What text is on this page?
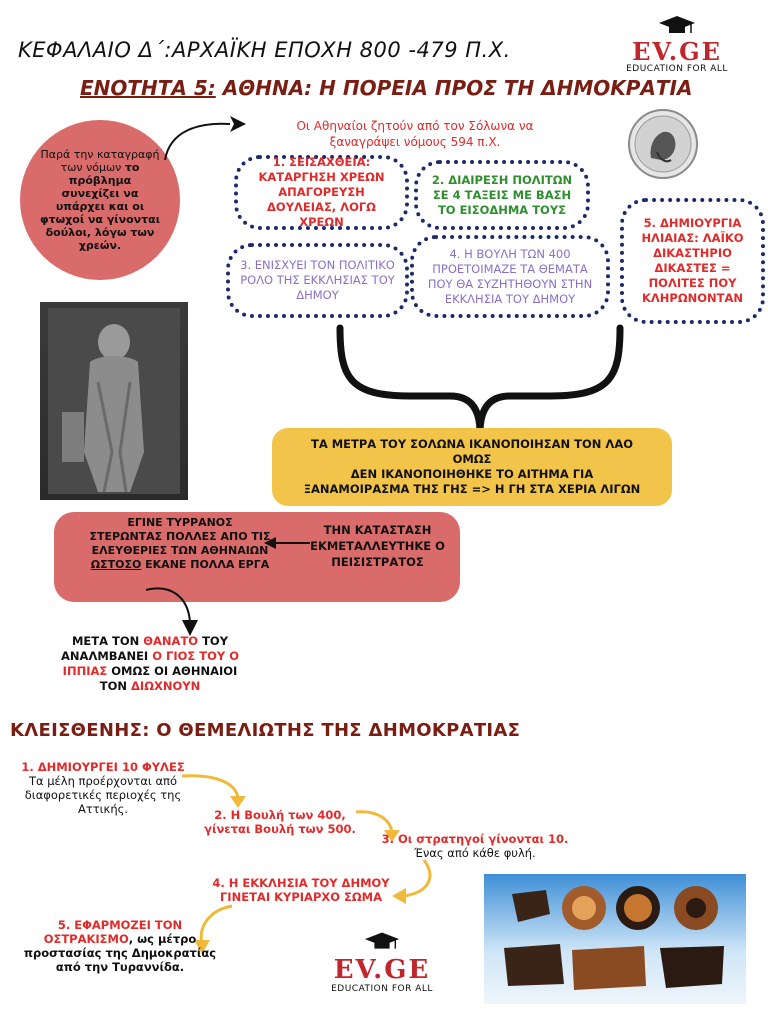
ΚΕΦΑΛΑΙΟ Δ΄:ΑΡΧΑΪΚΗ ΕΠΟΧΗ 800 -479 Π.Χ.
ΕΝΟΤΗΤΑ 5: ΑΘΗΝΑ: Η ΠΟΡΕΙΑ ΠΡΟΣ ΤΗ ΔΗΜΟΚΡΑΤΙΑ
EV.GE
EDUCATION FOR ALL
Παρά την καταγραφή των νόμων το πρόβλημα συνεχίζει να υπάρχει και οι φτωχοί να γίνονται δούλοι, λόγω των χρεών.
Οι Αθηναίοι ζητούν από τον Σόλωνα να ξαναγράψει νόμους 594 π.Χ.
1. ΣΕΙΣΑΧΘΕΙΑ: ΚΑΤΑΡΓΗΣΗ ΧΡΕΩΝ ΑΠΑΓΟΡΕΥΣΗ ΔΟΥΛΕΙΑΣ, ΛΟΓΩ ΧΡΕΩΝ
2. ΔΙΑΙΡΕΣΗ ΠΟΛΙΤΩΝ ΣΕ 4 ΤΑΞΕΙΣ ΜΕ ΒΑΣΗ ΤΟ ΕΙΣΟΔΗΜΑ ΤΟΥΣ
3. ΕΝΙΣΧΥΕΙ ΤΟΝ ΠΟΛΙΤΙΚΟ ΡΟΛΟ ΤΗΣ ΕΚΚΛΗΣΙΑΣ ΤΟΥ ΔΗΜΟΥ
4. Η ΒΟΥΛΗ ΤΩΝ 400 ΠΡΟΕΤΟΙΜΑΖΕ ΤΑ ΘΕΜΑΤΑ ΠΟΥ ΘΑ ΣΥΖΗΤΗΘΟΥΝ ΣΤΗΝ ΕΚΚΛΗΣΙΑ ΤΟΥ ΔΗΜΟΥ
5. ΔΗΜΙΟΥΡΓΙΑ ΗΛΙΑΙΑΣ: ΛΑΪΚΟ ΔΙΚΑΣΤΗΡΙΟ ΔΙΚΑΣΤΕΣ = ΠΟΛΙΤΕΣ ΠΟΥ ΚΛΗΡΩΝΟΝΤΑΝ
ΤΑ ΜΕΤΡΑ ΤΟΥ ΣΟΛΩΝΑ ΙΚΑΝΟΠΟΙΗΣΑΝ ΤΟΝ ΛΑΟ
ΟΜΩΣ
ΔΕΝ ΙΚΑΝΟΠΟΙΗΘΗΚΕ ΤΟ ΑΙΤΗΜΑ ΓΙΑ
ΞΑΝΑΜΟΙΡΑΣΜΑ ΤΗΣ ΓΗΣ => Η ΓΗ ΣΤΑ ΧΕΡΙΑ ΛΙΓΩΝ
ΕΓΙΝΕ ΤΥΡΡΑΝΟΣ
ΣΤΕΡΩΝΤΑΣ ΠΟΛΛΕΣ ΑΠΟ ΤΙΣ ΕΛΕΥΘΕΡΙΕΣ ΤΩΝ ΑΘΗΝΑΙΩΝ
ΩΣΤΟΣΟ ΕΚΑΝΕ ΠΟΛΛΑ ΕΡΓΑ
ΤΗΝ ΚΑΤΑΣΤΑΣΗ ΕΚΜΕΤΑΛΛΕΥΤΗΚΕ Ο ΠΕΙΣΙΣΤΡΑΤΟΣ
ΜΕΤΑ ΤΟΝ ΘΑΝΑΤΟ ΤΟΥ ΑΝΑΛΜΒΑΝΕΙ Ο ΓΙΟΣ ΤΟΥ Ο ΙΠΠΙΑΣ ΟΜΩΣ ΟΙ ΑΘΗΝΑΙΟΙ ΤΟΝ ΔΙΩΧΝΟΥΝ
ΚΛΕΙΣΘΕΝΗΣ: Ο ΘΕΜΕΛΙΩΤΗΣ ΤΗΣ ΔΗΜΟΚΡΑΤΙΑΣ
1. ΔΗΜΙΟΥΡΓΕΙ 10 ΦΥΛΕΣ
Τα μέλη προέρχονται από διαφορετικές περιοχές της Αττικής.	2. Η Βουλή των 400,
γίνεται Βουλή των 500.
3. Οι στρατηγοί γίνονται 10.
Ένας από κάθε φυλή.
4. Η ΕΚΚΛΗΣΙΑ ΤΟΥ ΔΗΜΟΥ
ΓΙΝΕΤΑΙ ΚΥΡΙΑΡΧΟ ΣΩΜΑ
5. ΕΦΑΡΜΟΖΕΙ ΤΟΝ ΟΣΤΡΑΚΙΣΜΟ, ως μέτρο προστασίας της Δημοκρατίας από την Τυραννίδα.	EV.GE
EDUCATION FOR ALL
